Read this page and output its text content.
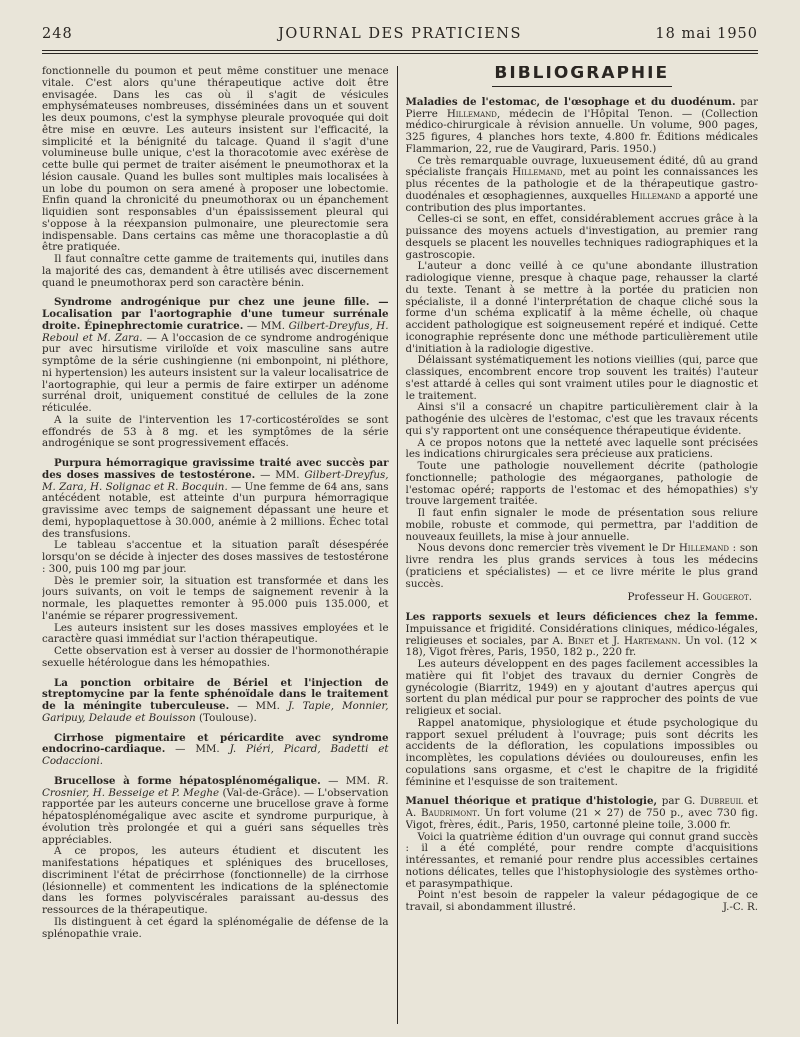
248	JOURNAL DES PRATICIENS	18 mai 1950

fonctionnelle du poumon et peut même constituer une menace vitale. C'est alors qu'une thérapeutique active doit être envisagée. Dans les cas où il s'agit de vésicules emphysémateuses nombreuses, disséminées dans un et souvent les deux poumons, c'est la symphyse pleurale provoquée qui doit être mise en œuvre. Les auteurs insistent sur l'efficacité, la simplicité et la bénignité du talcage. Quand il s'agit d'une volumineuse bulle unique, c'est la thoracotomie avec exérèse de cette bulle qui permet de traiter aisément le pneumothorax et la lésion causale. Quand les bulles sont multiples mais localisées à un lobe du poumon on sera amené à proposer une lobectomie. Enfin quand la chronicité du pneumothorax ou un épanchement liquidien sont responsables d'un épaississement pleural qui s'oppose à la réexpansion pulmonaire, une pleurectomie sera indispensable. Dans certains cas même une thoracoplastie a dû être pratiquée.

Il faut connaître cette gamme de traitements qui, inutiles dans la majorité des cas, demandent à être utilisés avec discernement quand le pneumothorax perd son caractère bénin.

Syndrome androgénique pur chez une jeune fille. — Localisation par l'aortographie d'une tumeur surrénale droite. Épinephrectomie curatrice. — MM. Gilbert-Dreyfus, H. Reboul et M. Zara. — A l'occasion de ce syndrome androgénique pur avec hirsutisme viriloïde et voix masculine sans autre symptôme de la série cushingienne (ni embonpoint, ni pléthore, ni hypertension) les auteurs insistent sur la valeur localisatrice de l'aortographie, qui leur a permis de faire extirper un adénome surrénal droit, uniquement constitué de cellules de la zone réticulée.

A la suite de l'intervention les 17-corticostéroïdes se sont effondrés de 53 à 8 mg. et les symptômes de la série androgénique se sont progressivement effacés.

Purpura hémorragique gravissime traité avec succès par des doses massives de testostérone. — MM. Gilbert-Dreyfus, M. Zara, H. Solignac et R. Bocquin. — Une femme de 64 ans, sans antécédent notable, est atteinte d'un purpura hémorragique gravissime avec temps de saignement dépassant une heure et demi, hypoplaquettose à 30.000, anémie à 2 millions. Échec total des transfusions.

Le tableau s'accentue et la situation paraît désespérée lorsqu'on se décide à injecter des doses massives de testostérone : 300, puis 100 mg par jour.

Dès le premier soir, la situation est transformée et dans les jours suivants, on voit le temps de saignement revenir à la normale, les plaquettes remonter à 95.000 puis 135.000, et l'anémie se réparer progressivement.

Les auteurs insistent sur les doses massives employées et le caractère quasi immédiat sur l'action thérapeutique.

Cette observation est à verser au dossier de l'hormonothérapie sexuelle hétérologue dans les hémopathies.

La ponction orbitaire de Bériel et l'injection de streptomycine par la fente sphénoïdale dans le traitement de la méningite tuberculeuse. — MM. J. Tapie, Monnier, Garipuy, Delaude et Bouisson (Toulouse).

Cirrhose pigmentaire et péricardite avec syndrome endocrino-cardiaque. — MM. J. Piéri, Picard, Badetti et Codaccioni.

Brucellose à forme hépatosplénomégalique. — MM. R. Crosnier, H. Besseige et P. Meghe (Val-de-Grâce). — L'observation rapportée par les auteurs concerne une brucellose grave à forme hépatosplénomégalique avec ascite et syndrome purpurique, à évolution très prolongée et qui a guéri sans séquelles très appréciables.

A ce propos, les auteurs étudient et discutent les manifestations hépatiques et spléniques des brucelloses, discriminent l'état de précirrhose (fonctionnelle) de la cirrhose (lésionnelle) et commentent les indications de la splénectomie dans les formes polyviscérales paraissant au-dessus des ressources de la thérapeutique.

Ils distinguent à cet égard la splénomégalie de défense de la splénopathie vraie.

BIBLIOGRAPHIE

Maladies de l'estomac, de l'œsophage et du duodénum. par Pierre Hillemand, médecin de l'Hôpital Tenon. — (Collection médico-chirurgicale à révision annuelle. Un volume, 900 pages, 325 figures, 4 planches hors texte, 4.800 fr. Éditions médicales Flammarion, 22, rue de Vaugirard, Paris. 1950.)

Ce très remarquable ouvrage, luxueusement édité, dû au grand spécialiste français Hillemand, met au point les connaissances les plus récentes de la pathologie et de la thérapeutique gastro-duodénales et œsophagiennes, auxquelles Hillemand a apporté une contribution des plus importantes.

Celles-ci se sont, en effet, considérablement accrues grâce à la puissance des moyens actuels d'investigation, au premier rang desquels se placent les nouvelles techniques radiographiques et la gastroscopie.

L'auteur a donc veillé à ce qu'une abondante illustration radiologique vienne, presque à chaque page, rehausser la clarté du texte. Tenant à se mettre à la portée du praticien non spécialiste, il a donné l'interprétation de chaque cliché sous la forme d'un schéma explicatif à la même échelle, où chaque accident pathologique est soigneusement repéré et indiqué. Cette iconographie représente donc une méthode particulièrement utile d'initiation à la radiologie digestive.

Délaissant systématiquement les notions vieillies (qui, parce que classiques, encombrent encore trop souvent les traités) l'auteur s'est attardé à celles qui sont vraiment utiles pour le diagnostic et le traitement.

Ainsi s'il a consacré un chapitre particulièrement clair à la pathogénie des ulcères de l'estomac, c'est que les travaux récents qui s'y rapportent ont une conséquence thérapeutique évidente.

A ce propos notons que la netteté avec laquelle sont précisées les indications chirurgicales sera précieuse aux praticiens.

Toute une pathologie nouvellement décrite (pathologie fonctionnelle; pathologie des mégaorganes, pathologie de l'estomac opéré; rapports de l'estomac et des hémopathies) s'y trouve largement traitée.

Il faut enfin signaler le mode de présentation sous reliure mobile, robuste et commode, qui permettra, par l'addition de nouveaux feuillets, la mise à jour annuelle.

Nous devons donc remercier très vivement le Dr Hillemand : son livre rendra les plus grands services à tous les médecins (praticiens et spécialistes) — et ce livre mérite le plus grand succès.

Professeur H. Gougerot.

Les rapports sexuels et leurs déficiences chez la femme. Impuissance et frigidité. Considérations cliniques, médico-légales, religieuses et sociales, par A. Binet et J. Hartemann. Un vol. (12 × 18), Vigot frères, Paris, 1950, 182 p., 220 fr.

Les auteurs développent en des pages facilement accessibles la matière qui fit l'objet des travaux du dernier Congrès de gynécologie (Biarritz, 1949) en y ajoutant d'autres aperçus qui sortent du plan médical pur pour se rapprocher des points de vue religieux et social.

Rappel anatomique, physiologique et étude psychologique du rapport sexuel préludent à l'ouvrage; puis sont décrits les accidents de la défloration, les copulations impossibles ou incomplètes, les copulations déviées ou douloureuses, enfin les copulations sans orgasme, et c'est le chapitre de la frigidité féminine et l'esquisse de son traitement.

Manuel théorique et pratique d'histologie, par G. Dubreuil et A. Baudrimont. Un fort volume (21 × 27) de 750 p., avec 730 fig. Vigot, frères, édit., Paris, 1950, cartonné pleine toile, 3.000 fr.

Voici la quatrième édition d'un ouvrage qui connut grand succès : il a été complété, pour rendre compte d'acquisitions intéressantes, et remanié pour rendre plus accessibles certaines notions délicates, telles que l'histophysiologie des systèmes ortho- et parasympathique.

Point n'est besoin de rappeler la valeur pédagogique de ce travail, si abondamment illustré.	J.-C. R.
